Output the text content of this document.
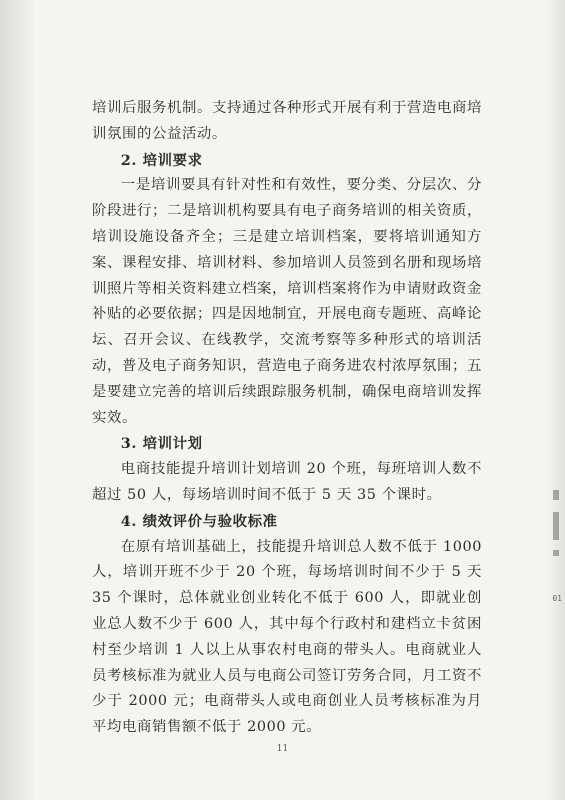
培训后服务机制。支持通过各种形式开展有利于营造电商培训氛围的公益活动。

2. 培训要求

一是培训要具有针对性和有效性，要分类、分层次、分阶段进行；二是培训机构要具有电子商务培训的相关资质，培训设施设备齐全；三是建立培训档案，要将培训通知方案、课程安排、培训材料、参加培训人员签到名册和现场培训照片等相关资料建立档案，培训档案将作为申请财政资金补贴的必要依据；四是因地制宜，开展电商专题班、高峰论坛、召开会议、在线教学，交流考察等多种形式的培训活动，普及电子商务知识，营造电子商务进农村浓厚氛围；五是要建立完善的培训后续跟踪服务机制，确保电商培训发挥实效。

3. 培训计划

电商技能提升培训计划培训 20 个班，每班培训人数不超过 50 人，每场培训时间不低于 5 天 35 个课时。

4. 绩效评价与验收标准

在原有培训基础上，技能提升培训总人数不低于 1000 人，培训开班不少于 20 个班，每场培训时间不少于 5 天 35 个课时，总体就业创业转化不低于 600 人，即就业创业总人数不少于 600 人，其中每个行政村和建档立卡贫困村至少培训 1 人以上从事农村电商的带头人。电商就业人员考核标准为就业人员与电商公司签订劳务合同，月工资不少于 2000 元；电商带头人或电商创业人员考核标准为月平均电商销售额不低于 2000 元。

11
01
